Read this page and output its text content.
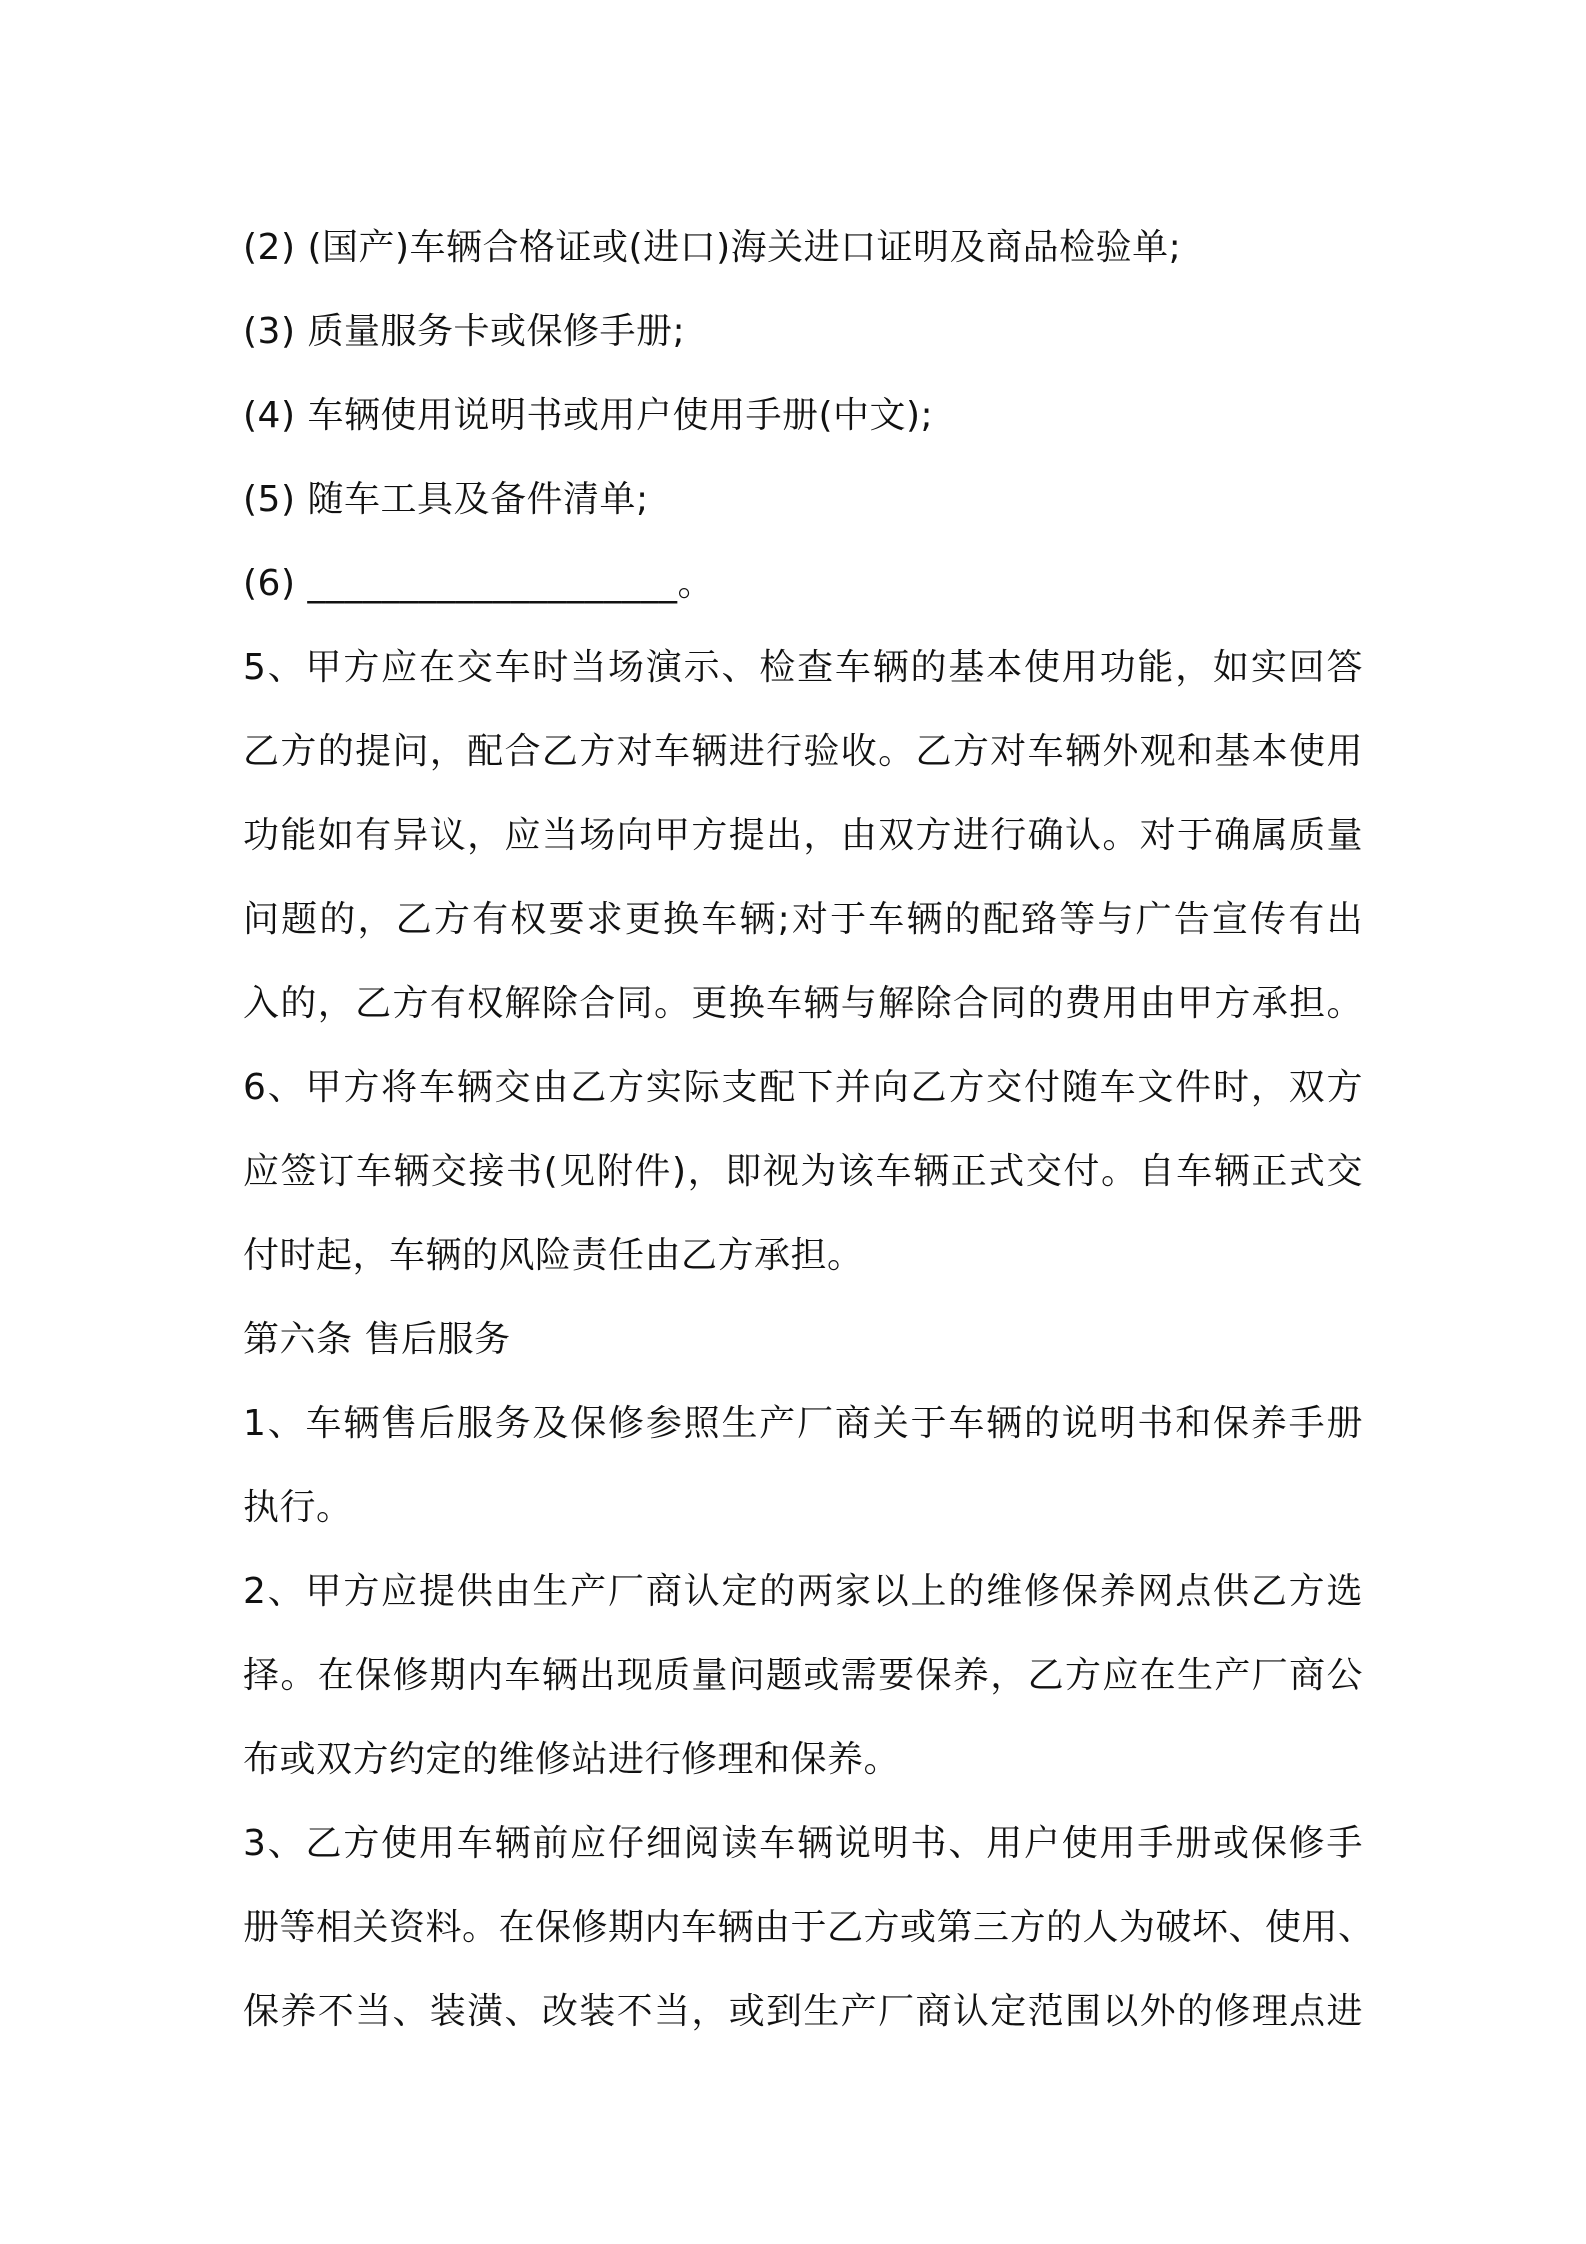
(2) (国产)车辆合格证或(进口)海关进口证明及商品检验单;
(3) 质量服务卡或保修手册;
(4) 车辆使用说明书或用户使用手册(中文);
(5) 随车工具及备件清单;
(6) ____________________。
5、甲方应在交车时当场演示、检查车辆的基本使用功能，如实回答
乙方的提问，配合乙方对车辆进行验收。乙方对车辆外观和基本使用
功能如有异议，应当场向甲方提出，由双方进行确认。对于确属质量
问题的，乙方有权要求更换车辆;对于车辆的配臵等与广告宣传有出
入的，乙方有权解除合同。更换车辆与解除合同的费用由甲方承担。
6、甲方将车辆交由乙方实际支配下并向乙方交付随车文件时，双方
应签订车辆交接书(见附件)，即视为该车辆正式交付。自车辆正式交
付时起，车辆的风险责任由乙方承担。
第六条 售后服务
1、车辆售后服务及保修参照生产厂商关于车辆的说明书和保养手册
执行。
2、甲方应提供由生产厂商认定的两家以上的维修保养网点供乙方选
择。在保修期内车辆出现质量问题或需要保养，乙方应在生产厂商公
布或双方约定的维修站进行修理和保养。
3、乙方使用车辆前应仔细阅读车辆说明书、用户使用手册或保修手
册等相关资料。在保修期内车辆由于乙方或第三方的人为破坏、使用、
保养不当、装潢、改装不当，或到生产厂商认定范围以外的修理点进
